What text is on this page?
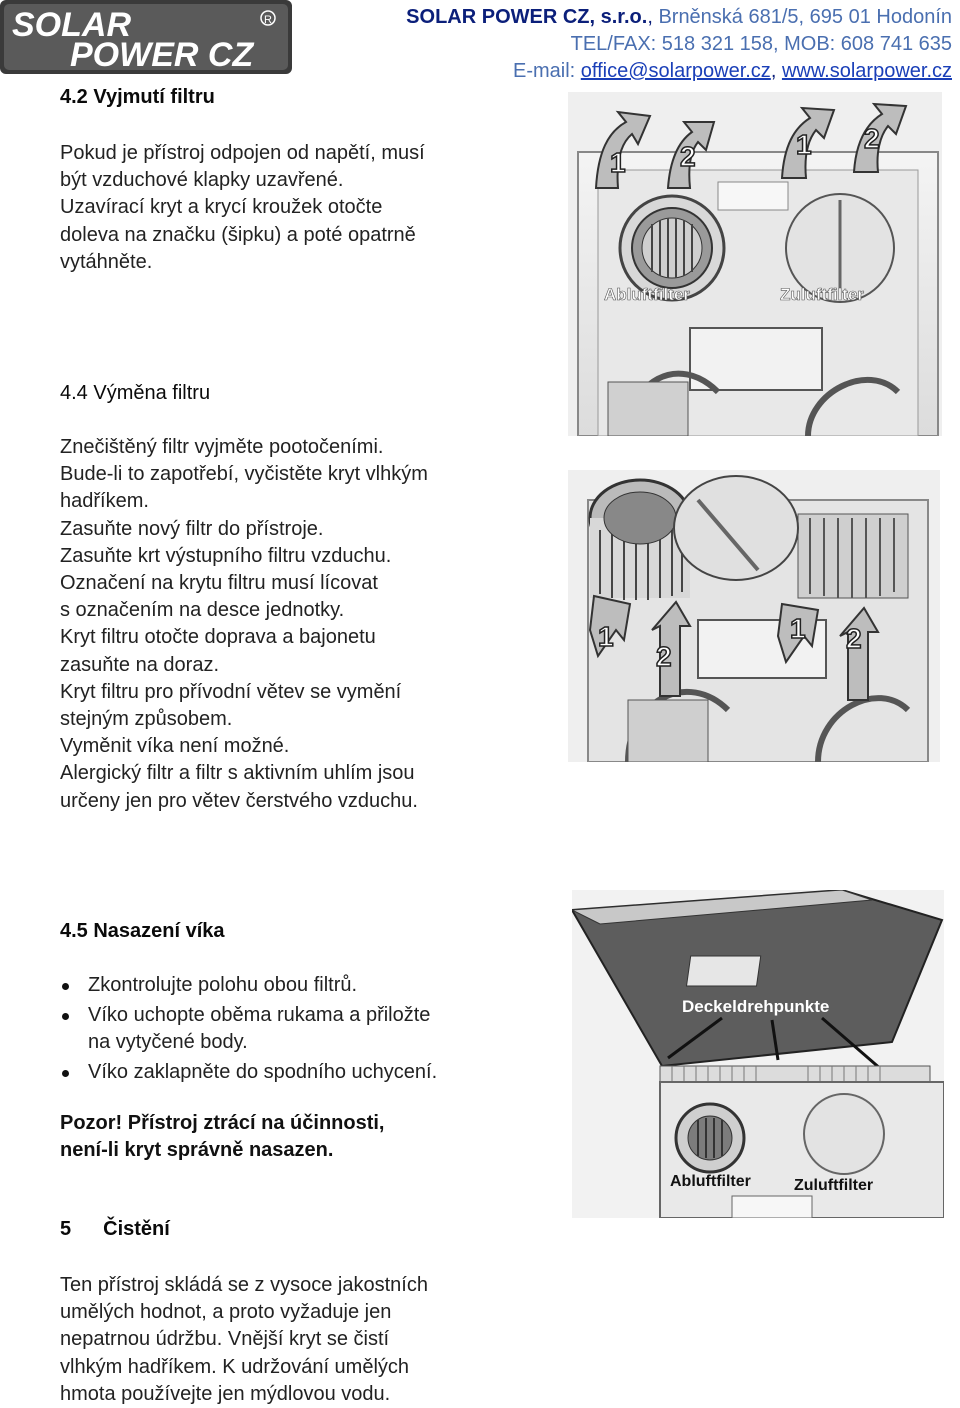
SOLAR
POWER CZ
R	SOLAR POWER CZ, s.r.o., Brněnská 681/5, 695 01 Hodonín
TEL/FAX: 518 321 158, MOB: 608 741 635
E-mail: office@solarpower.cz, www.solarpower.cz
4.2 Vyjmutí filtru
Pokud je přístroj odpojen od napětí, musí
být vzduchové klapky uzavřené.
Uzavírací kryt a krycí kroužek otočte
doleva na značku (šipku) a poté opatrně
vytáhněte.
4.4 Výměna filtru
Znečištěný filtr vyjměte pootočeními.
Bude-li to zapotřebí, vyčistěte kryt vlhkým
hadříkem.
Zasuňte nový filtr do přístroje.
Zasuňte krt výstupního filtru vzduchu.
Označení na krytu filtru musí lícovat
s označením na desce jednotky.
Kryt filtru otočte doprava a bajonetu
zasuňte na doraz.
Kryt filtru pro přívodní větev se vymění
stejným způsobem.
Vyměnit víka není možné.
Alergický filtr a filtr s aktivním uhlím jsou
určeny jen pro větev čerstvého vzduchu.
4.5 Nasazení víka
Zkontrolujte polohu obou filtrů.
Víko uchopte oběma rukama a přiložte
na vytyčené body.
Víko zaklapněte do spodního uchycení.
Pozor! Přístroj ztrácí na účinnosti,
není-li kryt správně nasazen.
5 Čistění
Ten přístroj skládá se z vysoce jakostních
umělých hodnot, a proto vyžaduje jen
nepatrnou údržbu. Vnější kryt se čistí
vlhkým hadříkem. K udržování umělých
hmota používejte jen mýdlovou vodu.
Abluftfilter	Zuluftfilter
1 2	1 2
1
2
1 2
Deckeldrehpunkte
Abluftfilter	Zuluftfilter
